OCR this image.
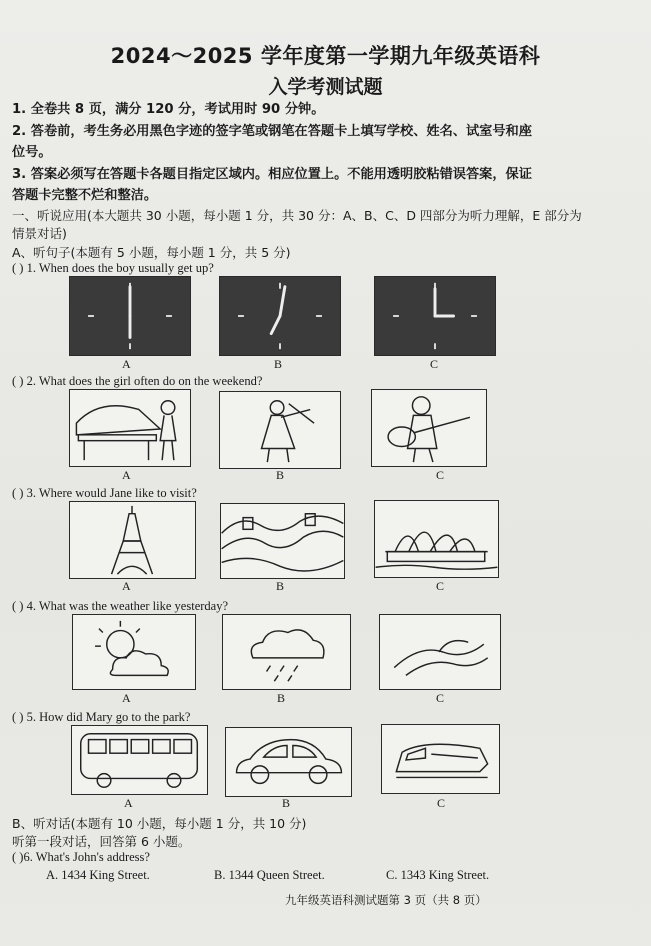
2024～2025 学年度第一学期九年级英语科
入学考测试题
1. 全卷共 8 页，满分 120 分，考试用时 90 分钟。
2. 答卷前，考生务必用黑色字迹的签字笔或钢笔在答题卡上填写学校、姓名、试室号和座
位号。
3. 答案必须写在答题卡各题目指定区域内。相应位置上。不能用透明胶粘错误答案，保证
答题卡完整不烂和整洁。
一、听说应用(本大题共 30 小题，每小题 1 分，共 30 分：A、B、C、D 四部分为听力理解，E 部分为
情景对话)
A、听句子(本题有 5 小题，每小题 1 分，共 5 分)
( ) 1. When does the boy usually get up?
A	B	C
( ) 2. What does the girl often do on the weekend?
A	B	C
( ) 3. Where would Jane like to visit?
A	B	C
( ) 4. What was the weather like yesterday?
A	B	C
( ) 5. How did Mary go to the park?
A	B	C
B、听对话(本题有 10 小题，每小题 1 分，共 10 分)
听第一段对话，回答第 6 小题。
( )6. What's John's address?
A. 1434 King Street.	B. 1344 Queen Street.	C. 1343 King Street.
九年级英语科测试题第 3 页（共 8 页）
